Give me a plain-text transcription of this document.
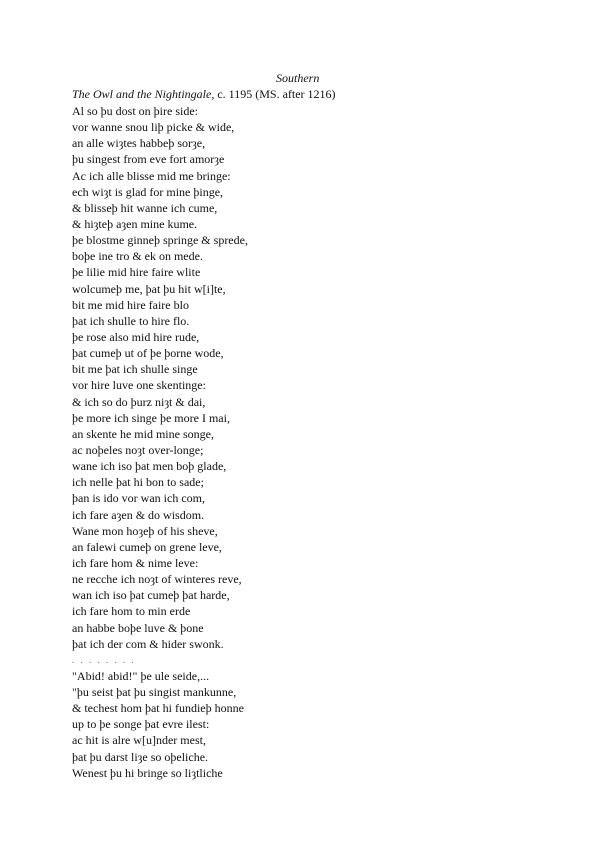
Southern
The Owl and the Nightingale, c. 1195 (MS. after 1216)
Al so þu dost on þire side:
vor wanne snou liþ picke & wide,
an alle wiȝtes habbeþ sorȝe,
þu singest from eve fort amorȝe
Ac ich alle blisse mid me bringe:
ech wiȝt is glad for mine þinge,
& blisseþ hit wanne ich cume,
& hiȝteþ aȝen mine kume.
þe blostme ginneþ springe & sprede,
boþe ine tro & ek on mede.
þe lilie mid hire faire wlite
wolcumeþ me, þat þu hit w[i]te,
bit me mid hire faire blo
þat ich shulle to hire flo.
þe rose also mid hire rude,
þat cumeþ ut of þe þorne wode,
bit me þat ich shulle singe
vor hire luve one skentinge:
& ich so do þurz niȝt & dai,
þe more ich singe þe more I mai,
an skente he mid mine songe,
ac noþeles noȝt over-longe;
wane ich iso þat men boþ glade,
ich nelle þat hi bon to sade;
þan is ido vor wan ich com,
ich fare aȝen & do wisdom.
Wane mon hoȝeþ of his sheve,
an falewi cumeþ on grene leve,
ich fare hom & nime leve:
ne recche ich noȝt of winteres reve,
wan ich iso þat cumeþ þat harde,
ich fare hom to min erde
an habbe boþe luve & þone
þat ich der com & hider swonk.
. . . . . . . .
"Abid! abid!" þe ule seide,...
"þu seist þat þu singist mankunne,
& techest hom þat hi fundieþ honne
up to þe songe þat evre ilest:
ac hit is alre w[u]nder mest,
þat þu darst liȝe so oþeliche.
Wenest þu hi bringe so liȝtliche
